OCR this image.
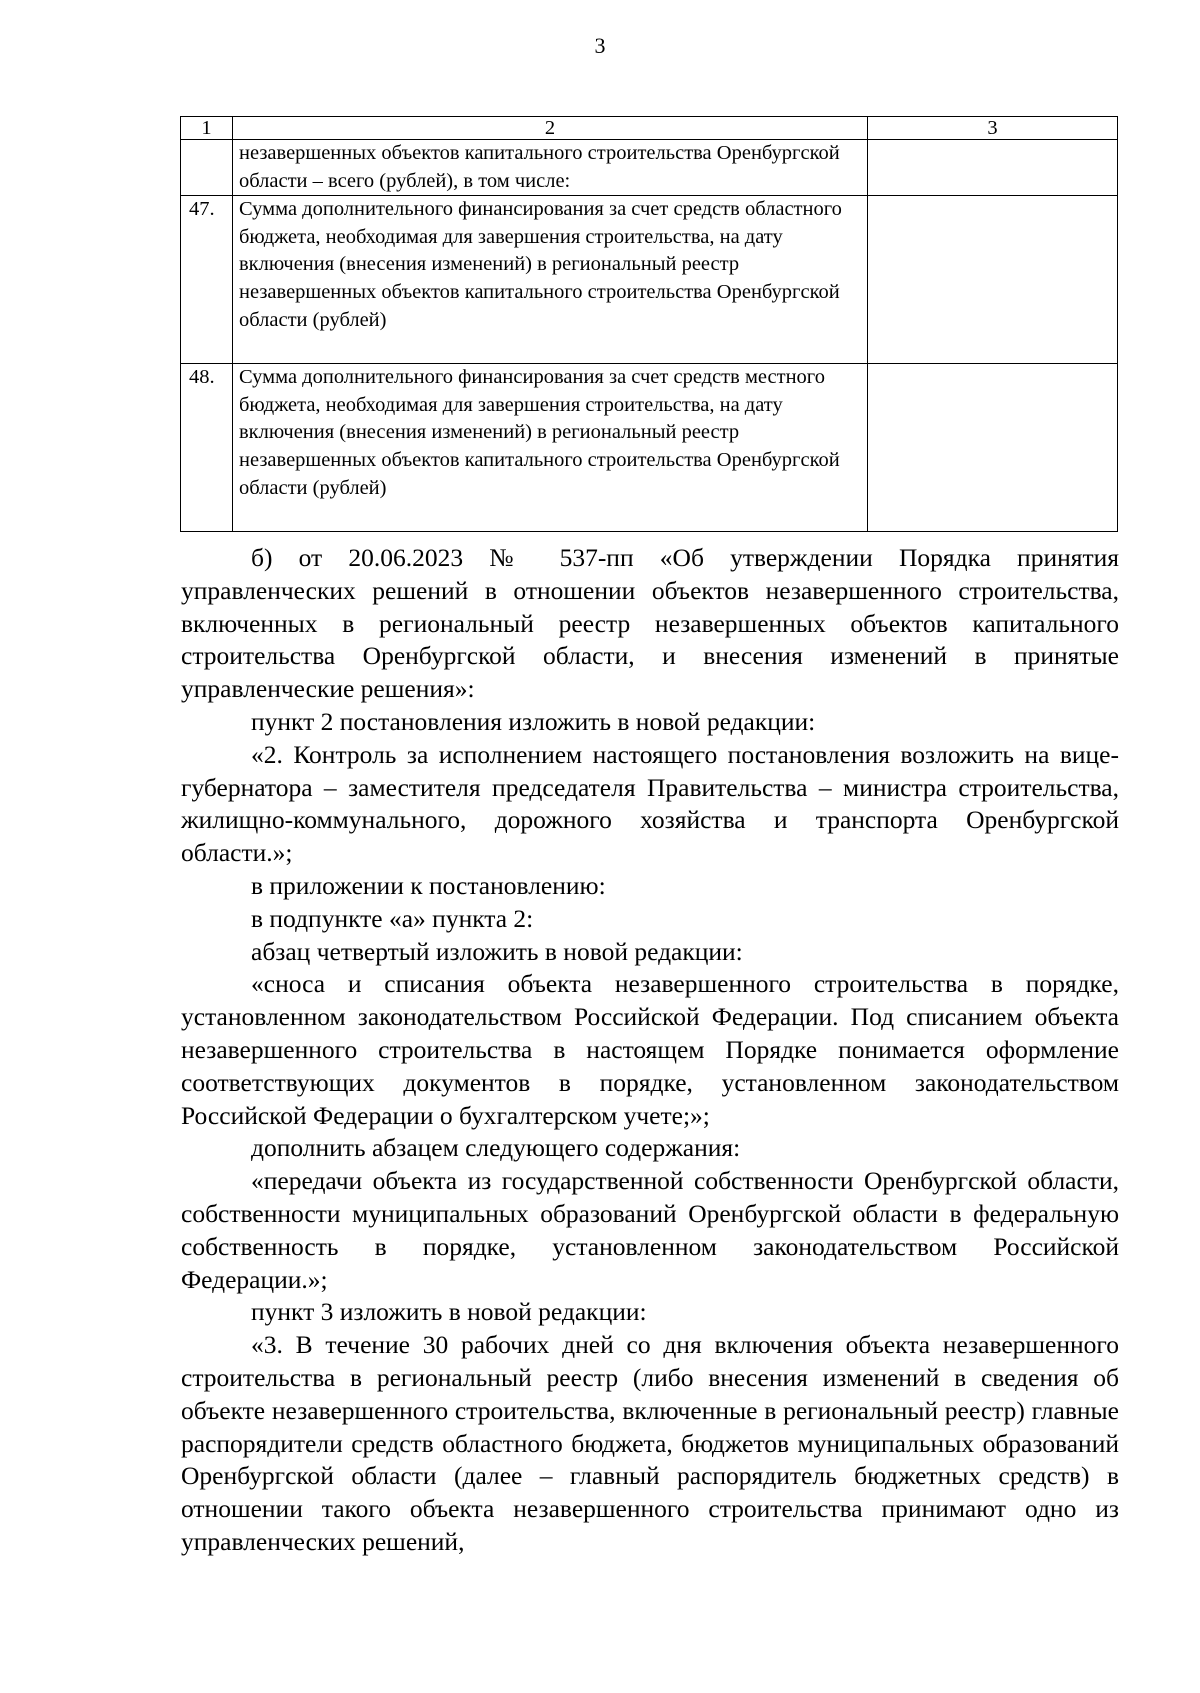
3
1	2	3
	незавершенных объектов капитального строительства Оренбургской области – всего (рублей), в том числе:	
47.	Сумма дополнительного финансирования за счет средств областного бюджета, необходимая для завершения строительства, на дату включения (внесения изменений) в региональный реестр незавершенных объектов капитального строительства Оренбургской области (рублей)	
48.	Сумма дополнительного финансирования за счет средств местного бюджета, необходимая для завершения строительства, на дату включения (внесения изменений) в региональный реестр незавершенных объектов капитального строительства Оренбургской области (рублей)	

б) от 20.06.2023 № 537-пп «Об утверждении Порядка принятия управленческих решений в отношении объектов незавершенного строительства, включенных в региональный реестр незавершенных объектов капитального строительства Оренбургской области, и внесения изменений в принятые управленческие решения»:

пункт 2 постановления изложить в новой редакции:

«2. Контроль за исполнением настоящего постановления возложить на вице-губернатора – заместителя председателя Правительства – министра строительства, жилищно-коммунального, дорожного хозяйства и транспорта Оренбургской области.»;

в приложении к постановлению:

в подпункте «а» пункта 2:

абзац четвертый изложить в новой редакции:

«сноса и списания объекта незавершенного строительства в порядке, установленном законодательством Российской Федерации. Под списанием объекта незавершенного строительства в настоящем Порядке понимается оформление соответствующих документов в порядке, установленном законодательством Российской Федерации о бухгалтерском учете;»;

дополнить абзацем следующего содержания:

«передачи объекта из государственной собственности Оренбургской области, собственности муниципальных образований Оренбургской области в федеральную собственность в порядке, установленном законодательством Российской Федерации.»;

пункт 3 изложить в новой редакции:

«3. В течение 30 рабочих дней со дня включения объекта незавершенного строительства в региональный реестр (либо внесения изменений в сведения об объекте незавершенного строительства, включенные в региональный реестр) главные распорядители средств областного бюджета, бюджетов муниципальных образований Оренбургской области (далее – главный распорядитель бюджетных средств) в отношении такого объекта незавершенного строительства принимают одно из управленческих решений,
